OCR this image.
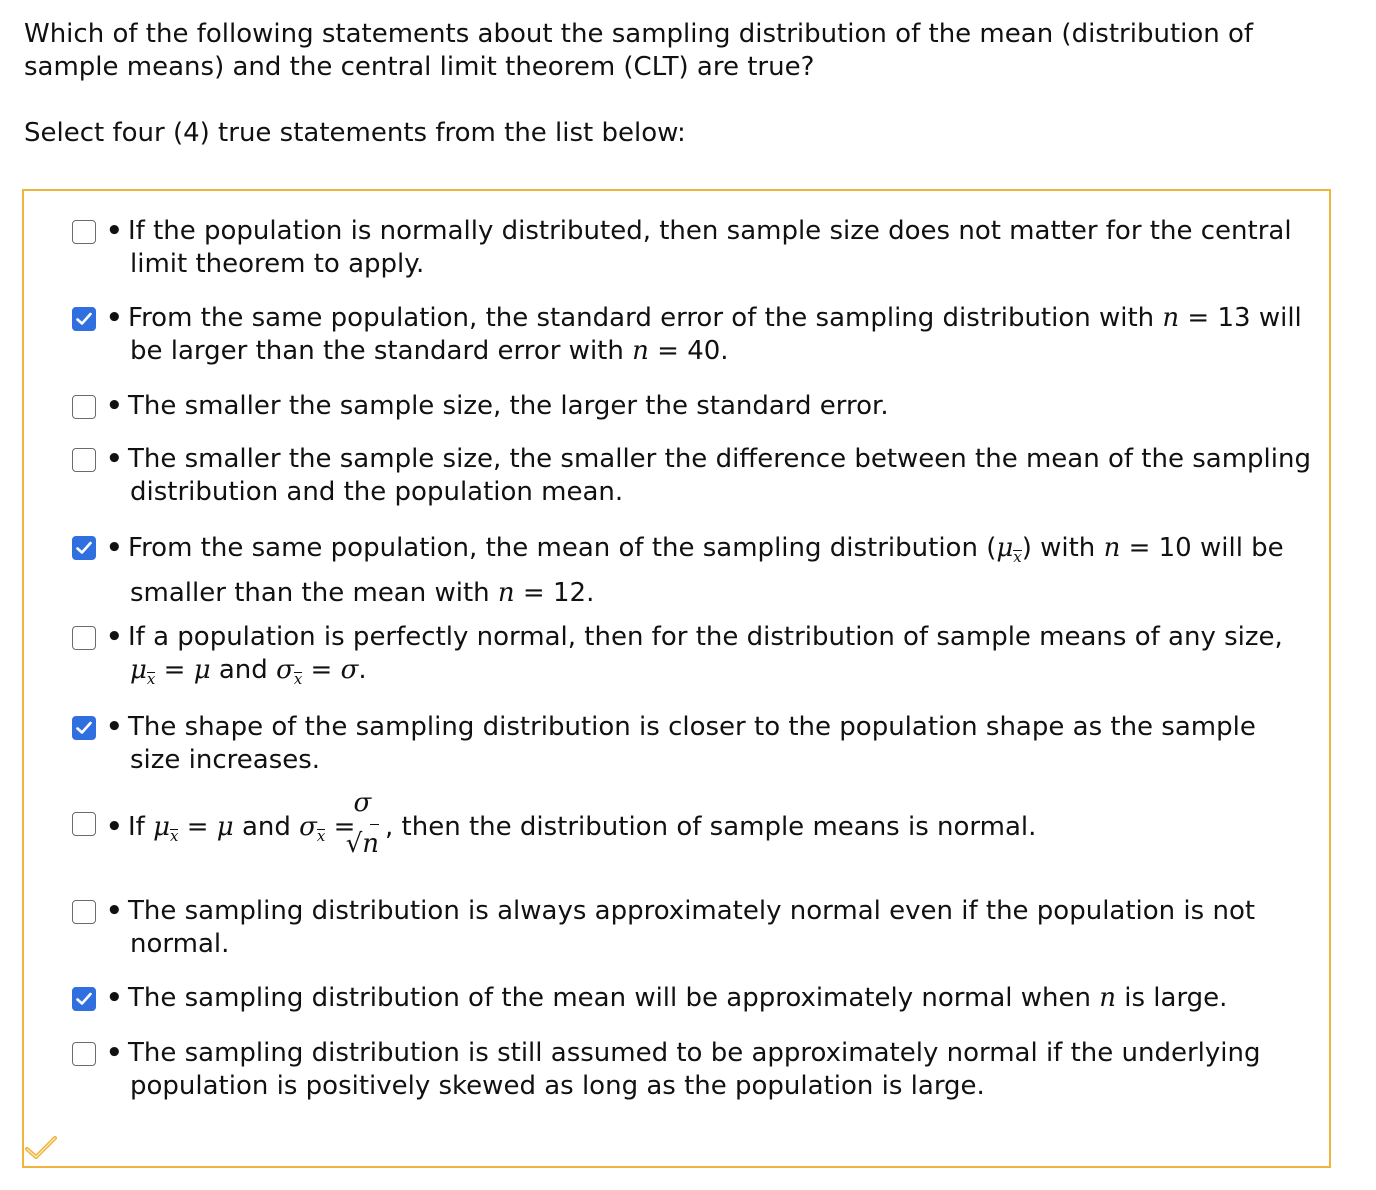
Which of the following statements about the sampling distribution of the mean (distribution of sample means) and the central limit theorem (CLT) are true?

Select four (4) true statements from the list below:

• If the population is normally distributed, then sample size does not matter for the central limit theorem to apply.
• From the same population, the standard error of the sampling distribution with n = 13 will be larger than the standard error with n = 40.
• The smaller the sample size, the larger the standard error.
• The smaller the sample size, the smaller the difference between the mean of the sampling distribution and the population mean.
• From the same population, the mean of the sampling distribution (μ
$_x$) with n = 10 will be smaller than the mean with n = 12.
• If a population is perfectly normal, then for the distribution of sample means of any size,
μ
$_x$ = μ and σ
$_x$ = σ.
• The shape of the sampling distribution is closer to the population shape as the sample size increases.
• If μ
$_x$ = μ and σ
$_x = \frac{\sigma}{√n}$ , then the distribution of sample means is normal.
• The sampling distribution is always approximately normal even if the population is not normal.
• The sampling distribution of the mean will be approximately normal when n is large.
• The sampling distribution is still assumed to be approximately normal if the underlying population is positively skewed as long as the population is large.
